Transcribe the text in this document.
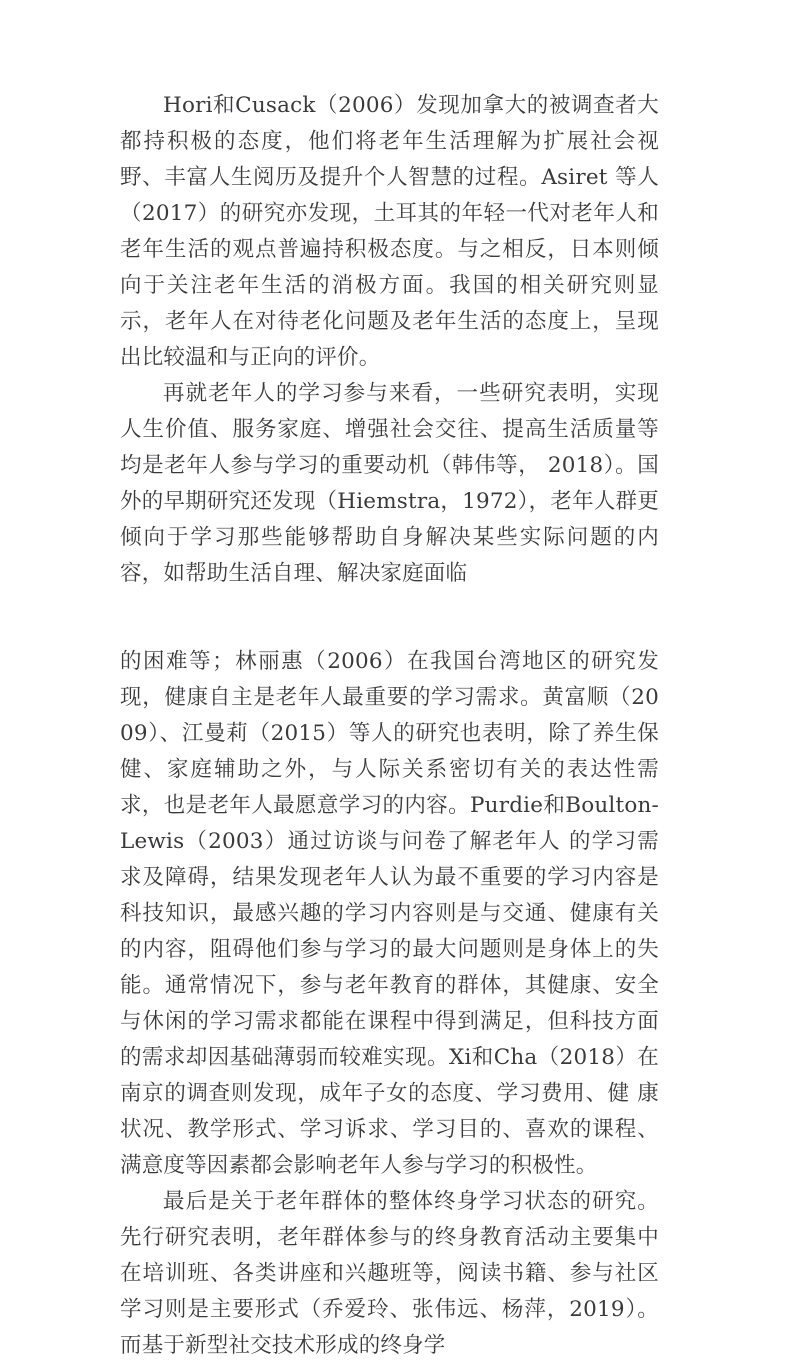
Hori和Cusack（2006）发现加拿大的被调查者大都持积极的态度，他们将老年生活理解为扩展社会视野、丰富人生阅历及提升个人智慧的过程。Asiret 等人（2017）的研究亦发现，土耳其的年轻一代对老年人和老年生活的观点普遍持积极态度。与之相反，日本则倾向于关注老年生活的消极方面。我国的相关研究则显示，老年人在对待老化问题及老年生活的态度上，呈现出比较温和与正向的评价。

再就老年人的学习参与来看，一些研究表明，实现人生价值、服务家庭、增强社会交往、提高生活质量等均是老年人参与学习的重要动机（韩伟等， 2018）。国外的早期研究还发现（Hiemstra，1972），老年人群更倾向于学习那些能够帮助自身解决某些实际问题的内容，如帮助生活自理、解决家庭面临

的困难等；林丽惠（2006）在我国台湾地区的研究发现，健康自主是老年人最重要的学习需求。黄富顺（2009）、江曼莉（2015）等人的研究也表明，除了养生保健、家庭辅助之外，与人际关系密切有关的表达性需求，也是老年人最愿意学习的内容。Purdie和Boulton-Lewis（2003）通过访谈与问卷了解老年人 的学习需求及障碍，结果发现老年人认为最不重要的学习内容是科技知识，最感兴趣的学习内容则是与交通、健康有关的内容，阻碍他们参与学习的最大问题则是身体上的失能。通常情况下，参与老年教育的群体，其健康、安全与休闲的学习需求都能在课程中得到满足，但科技方面的需求却因基础薄弱而较难实现。Xi和Cha（2018）在南京的调查则发现，成年子女的态度、学习费用、健 康状况、教学形式、学习诉求、学习目的、喜欢的课程、满意度等因素都会影响老年人参与学习的积极性。

最后是关于老年群体的整体终身学习状态的研究。先行研究表明，老年群体参与的终身教育活动主要集中在培训班、各类讲座和兴趣班等，阅读书籍、参与社区学习则是主要形式（乔爱玲、张伟远、杨萍，2019）。而基于新型社交技术形成的终身学
